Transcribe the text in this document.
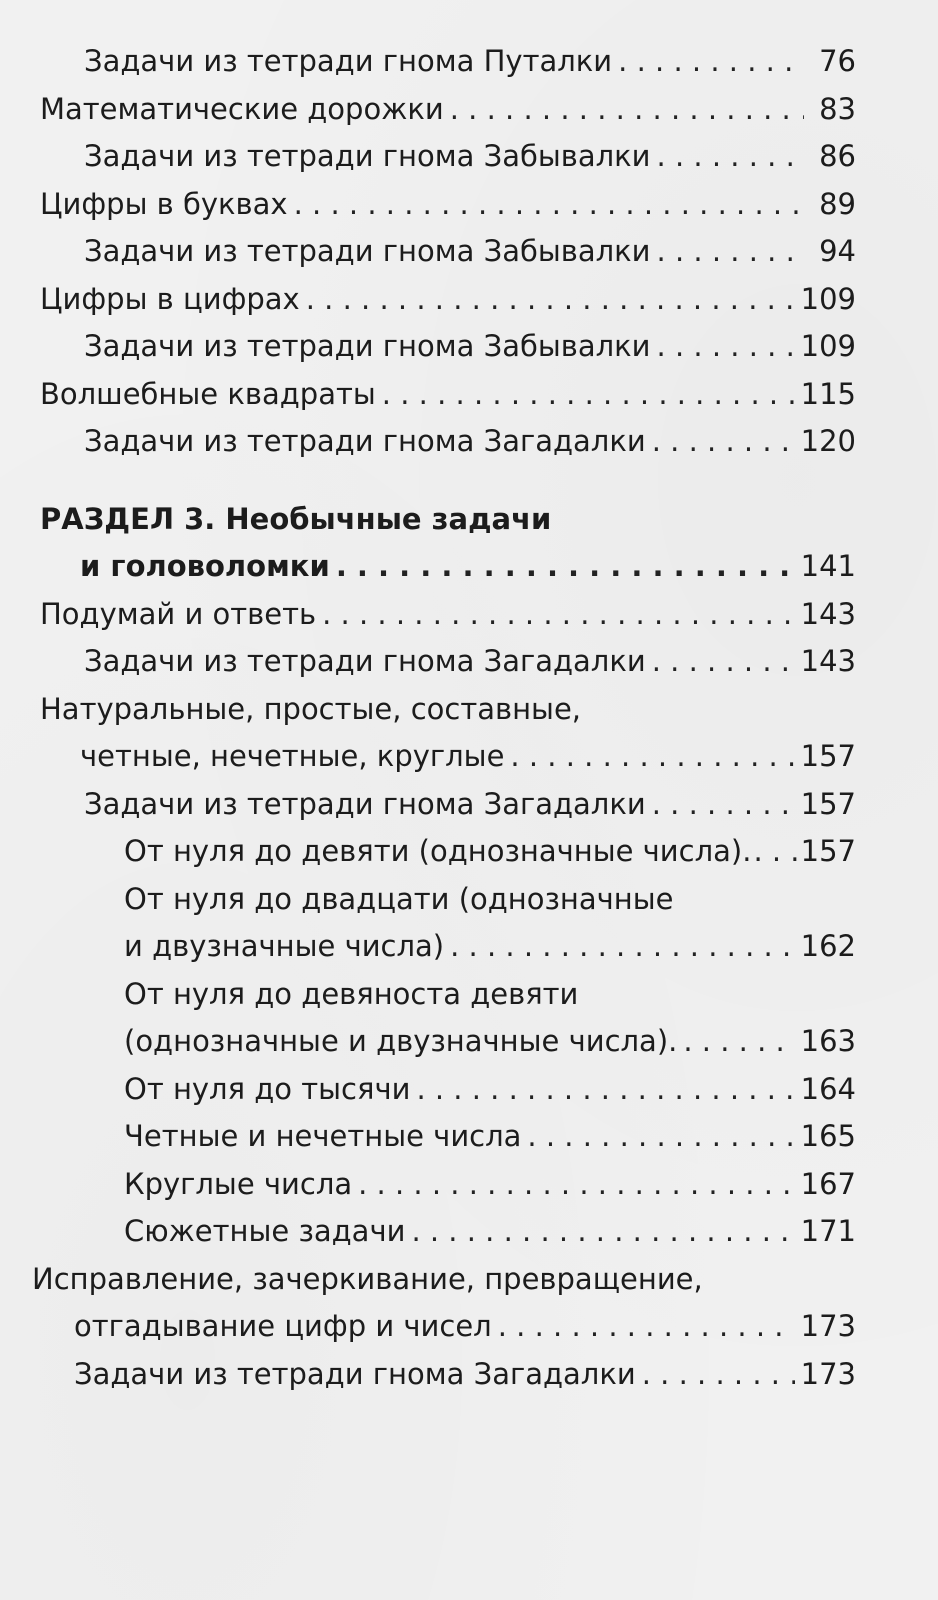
Задачи из тетради гнома Путалки . . .	76
Математические дорожки . . .	83
Задачи из тетради гнома Забывалки . . .	86
Цифры в буквах . . .	89
Задачи из тетради гнома Забывалки . . .	94
Цифры в цифрах . . .	109
Задачи из тетради гнома Забывалки . . .	109
Волшебные квадраты . . .	115
Задачи из тетради гнома Загадалки . . .	120
РАЗДЕЛ 3. Необычные задачи
и головоломки . . .	141
Подумай и ответь . . .	143
Задачи из тетради гнома Загадалки . . .	143
Натуральные, простые, составные,
четные, нечетные, круглые . . .	157
Задачи из тетради гнома Загадалки . . .	157
От нуля до девяти (однозначные числа). . . . 157
От нуля до двадцати (однозначные
и двузначные числа) . . .	162
От нуля до девяноста девяти
(однозначные и двузначные числа). . . .	163
От нуля до тысячи . . .	164
Четные и нечетные числа . . .	165
Круглые числа . . .	167
Сюжетные задачи . . .	171
Исправление, зачеркивание, превращение,
отгадывание цифр и чисел . . .	173
Задачи из тетради гнома Загадалки . . .	173
